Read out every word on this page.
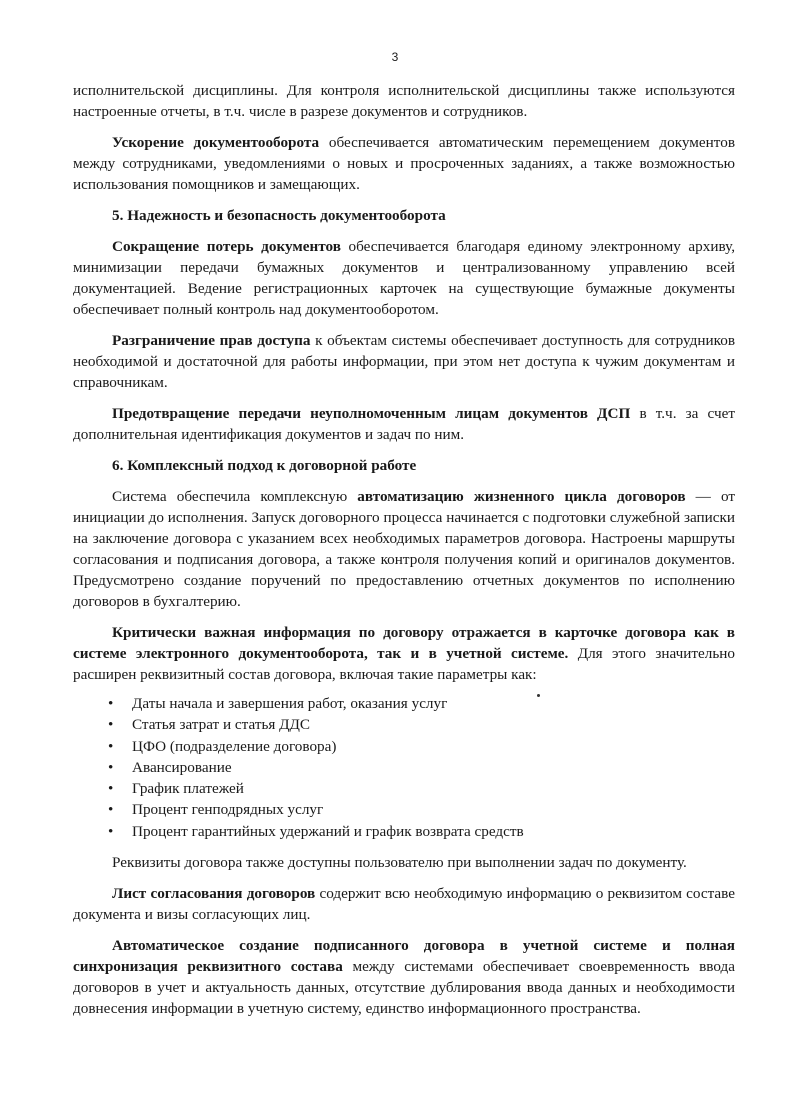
3

исполнительской дисциплины. Для контроля исполнительской дисциплины также используются настроенные отчеты, в т.ч. числе в разрезе документов и сотрудников.

Ускорение документооборота обеспечивается автоматическим перемещением документов между сотрудниками, уведомлениями о новых и просроченных заданиях, а также возможностью использования помощников и замещающих.

5. Надежность и безопасность документооборота

Сокращение потерь документов обеспечивается благодаря единому электронному архиву, минимизации передачи бумажных документов и централизованному управлению всей документацией. Ведение регистрационных карточек на существующие бумажные документы обеспечивает полный контроль над документооборотом.

Разграничение прав доступа к объектам системы обеспечивает доступность для сотрудников необходимой и достаточной для работы информации, при этом нет доступа к чужим документам и справочникам.

Предотвращение передачи неуполномоченным лицам документов ДСП в т.ч. за счет дополнительная идентификация документов и задач по ним.

6. Комплексный подход к договорной работе

Система обеспечила комплексную автоматизацию жизненного цикла договоров — от инициации до исполнения. Запуск договорного процесса начинается с подготовки служебной записки на заключение договора с указанием всех необходимых параметров договора. Настроены маршруты согласования и подписания договора, а также контроля получения копий и оригиналов документов. Предусмотрено создание поручений по предоставлению отчетных документов по исполнению договоров в бухгалтерию.

Критически важная информация по договору отражается в карточке договора как в системе электронного документооборота, так и в учетной системе. Для этого значительно расширен реквизитный состав договора, включая такие параметры как:

• Даты начала и завершения работ, оказания услуг
• Статья затрат и статья ДДС
• ЦФО (подразделение договора)
• Авансирование
• График платежей
• Процент генподрядных услуг
• Процент гарантийных удержаний и график возврата средств

Реквизиты договора также доступны пользователю при выполнении задач по документу.

Лист согласования договоров содержит всю необходимую информацию о реквизитом составе документа и визы согласующих лиц.

Автоматическое создание подписанного договора в учетной системе и полная синхронизация реквизитного состава между системами обеспечивает своевременность ввода договоров в учет и актуальность данных, отсутствие дублирования ввода данных и необходимости довнесения информации в учетную систему, единство информационного пространства.
